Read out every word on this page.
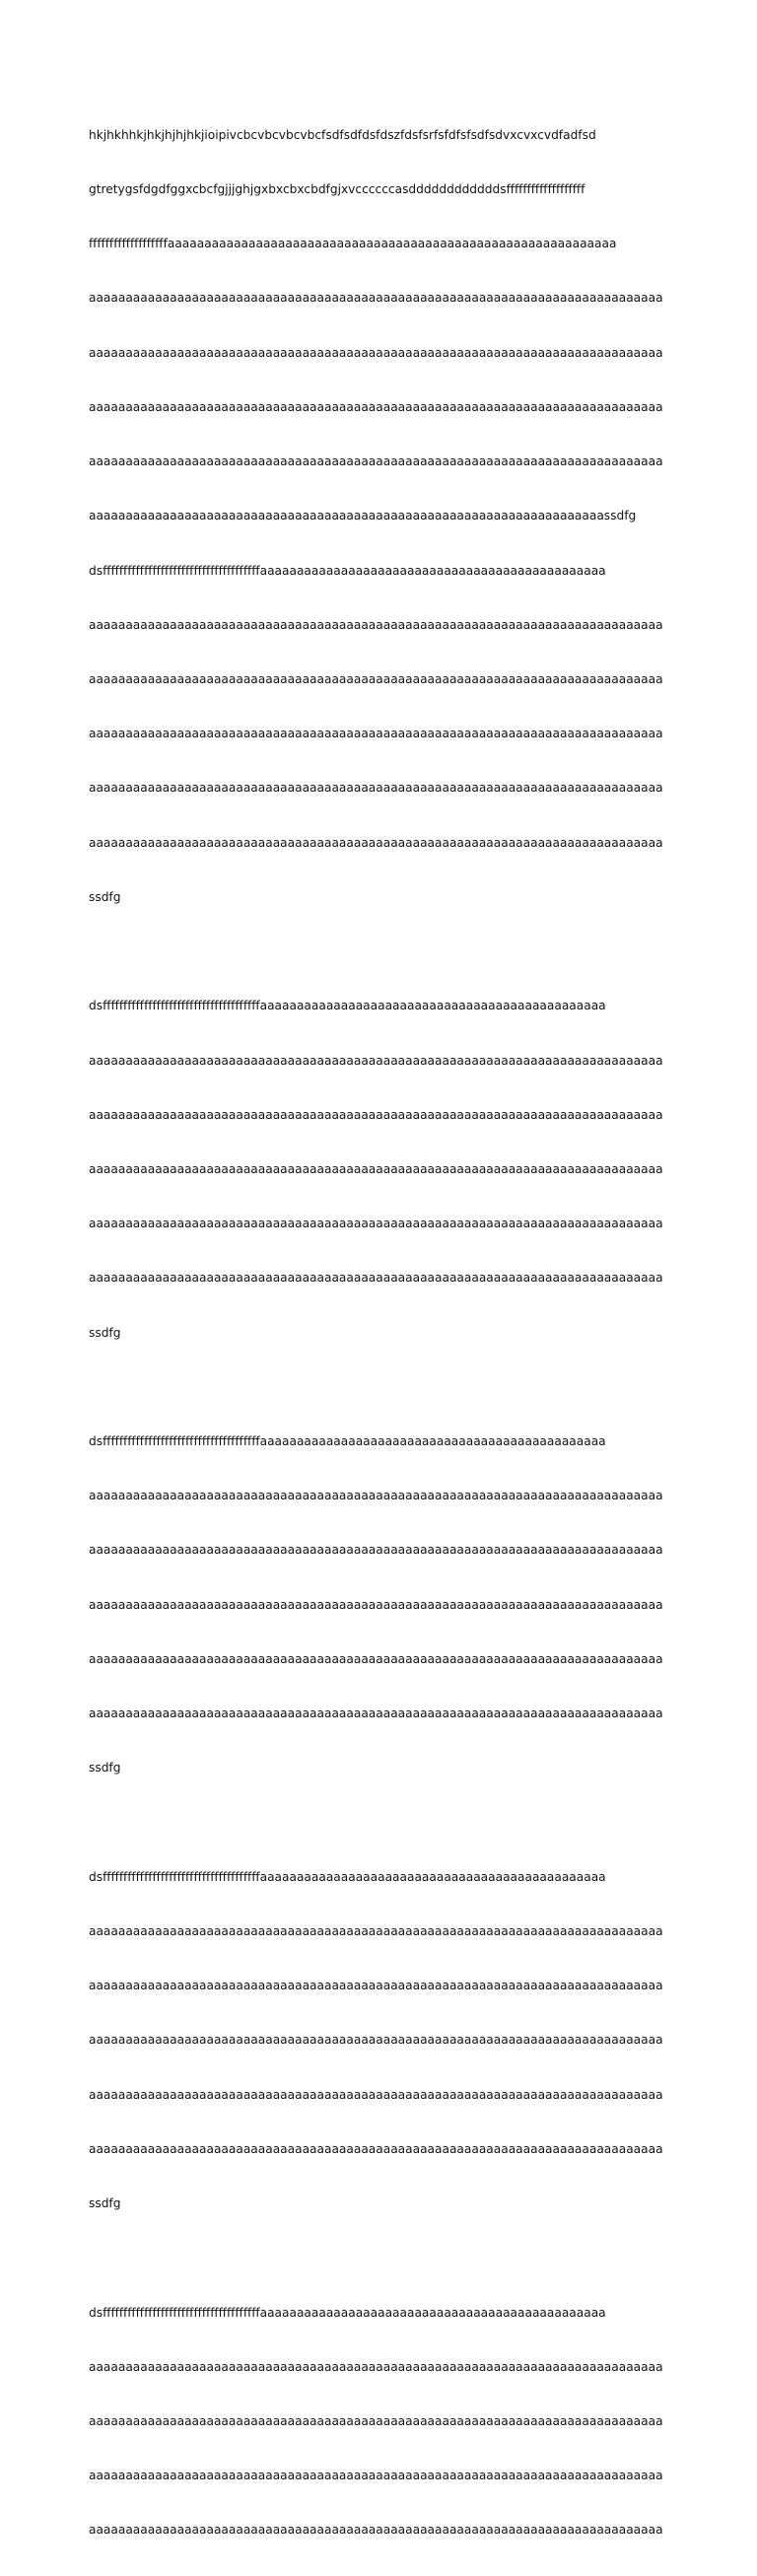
hkjhkhhkjhkjhjhjhkjioipivcbcvbcvbcvbcfsdfsdfdsfdszfdsfsrfsfdfsfsdfsdvxcvxcvdfadfsd

gtretygsfdgdfggxcbcfgjjjghjgxbxcbxcbdfgjxvccccccasddddddddddddsfffffffffffffffffff

fffffffffffffffffffaaaaaaaaaaaaaaaaaaaaaaaaaaaaaaaaaaaaaaaaaaaaaaaaaaaaaaaaaaaaa

aaaaaaaaaaaaaaaaaaaaaaaaaaaaaaaaaaaaaaaaaaaaaaaaaaaaaaaaaaaaaaaaaaaaaaaaaaaaaa

aaaaaaaaaaaaaaaaaaaaaaaaaaaaaaaaaaaaaaaaaaaaaaaaaaaaaaaaaaaaaaaaaaaaaaaaaaaaaa

aaaaaaaaaaaaaaaaaaaaaaaaaaaaaaaaaaaaaaaaaaaaaaaaaaaaaaaaaaaaaaaaaaaaaaaaaaaaaa

aaaaaaaaaaaaaaaaaaaaaaaaaaaaaaaaaaaaaaaaaaaaaaaaaaaaaaaaaaaaaaaaaaaaaaaaaaaaaa

aaaaaaaaaaaaaaaaaaaaaaaaaaaaaaaaaaaaaaaaaaaaaaaaaaaaaaaaaaaaaaaaaaaaaassdfg

dsffffffffffffffffffffffffffffffffffffffaaaaaaaaaaaaaaaaaaaaaaaaaaaaaaaaaaaaaaaaaaaaaaa

aaaaaaaaaaaaaaaaaaaaaaaaaaaaaaaaaaaaaaaaaaaaaaaaaaaaaaaaaaaaaaaaaaaaaaaaaaaaaa

aaaaaaaaaaaaaaaaaaaaaaaaaaaaaaaaaaaaaaaaaaaaaaaaaaaaaaaaaaaaaaaaaaaaaaaaaaaaaa

aaaaaaaaaaaaaaaaaaaaaaaaaaaaaaaaaaaaaaaaaaaaaaaaaaaaaaaaaaaaaaaaaaaaaaaaaaaaaa

aaaaaaaaaaaaaaaaaaaaaaaaaaaaaaaaaaaaaaaaaaaaaaaaaaaaaaaaaaaaaaaaaaaaaaaaaaaaaa

aaaaaaaaaaaaaaaaaaaaaaaaaaaaaaaaaaaaaaaaaaaaaaaaaaaaaaaaaaaaaaaaaaaaaaaaaaaaaa

ssdfg

dsffffffffffffffffffffffffffffffffffffffaaaaaaaaaaaaaaaaaaaaaaaaaaaaaaaaaaaaaaaaaaaaaaa

aaaaaaaaaaaaaaaaaaaaaaaaaaaaaaaaaaaaaaaaaaaaaaaaaaaaaaaaaaaaaaaaaaaaaaaaaaaaaa

aaaaaaaaaaaaaaaaaaaaaaaaaaaaaaaaaaaaaaaaaaaaaaaaaaaaaaaaaaaaaaaaaaaaaaaaaaaaaa

aaaaaaaaaaaaaaaaaaaaaaaaaaaaaaaaaaaaaaaaaaaaaaaaaaaaaaaaaaaaaaaaaaaaaaaaaaaaaa

aaaaaaaaaaaaaaaaaaaaaaaaaaaaaaaaaaaaaaaaaaaaaaaaaaaaaaaaaaaaaaaaaaaaaaaaaaaaaa

aaaaaaaaaaaaaaaaaaaaaaaaaaaaaaaaaaaaaaaaaaaaaaaaaaaaaaaaaaaaaaaaaaaaaaaaaaaaaa

ssdfg

dsffffffffffffffffffffffffffffffffffffffaaaaaaaaaaaaaaaaaaaaaaaaaaaaaaaaaaaaaaaaaaaaaaa

aaaaaaaaaaaaaaaaaaaaaaaaaaaaaaaaaaaaaaaaaaaaaaaaaaaaaaaaaaaaaaaaaaaaaaaaaaaaaa

aaaaaaaaaaaaaaaaaaaaaaaaaaaaaaaaaaaaaaaaaaaaaaaaaaaaaaaaaaaaaaaaaaaaaaaaaaaaaa

aaaaaaaaaaaaaaaaaaaaaaaaaaaaaaaaaaaaaaaaaaaaaaaaaaaaaaaaaaaaaaaaaaaaaaaaaaaaaa

aaaaaaaaaaaaaaaaaaaaaaaaaaaaaaaaaaaaaaaaaaaaaaaaaaaaaaaaaaaaaaaaaaaaaaaaaaaaaa

aaaaaaaaaaaaaaaaaaaaaaaaaaaaaaaaaaaaaaaaaaaaaaaaaaaaaaaaaaaaaaaaaaaaaaaaaaaaaa

ssdfg

dsffffffffffffffffffffffffffffffffffffffaaaaaaaaaaaaaaaaaaaaaaaaaaaaaaaaaaaaaaaaaaaaaaa

aaaaaaaaaaaaaaaaaaaaaaaaaaaaaaaaaaaaaaaaaaaaaaaaaaaaaaaaaaaaaaaaaaaaaaaaaaaaaa

aaaaaaaaaaaaaaaaaaaaaaaaaaaaaaaaaaaaaaaaaaaaaaaaaaaaaaaaaaaaaaaaaaaaaaaaaaaaaa

aaaaaaaaaaaaaaaaaaaaaaaaaaaaaaaaaaaaaaaaaaaaaaaaaaaaaaaaaaaaaaaaaaaaaaaaaaaaaa

aaaaaaaaaaaaaaaaaaaaaaaaaaaaaaaaaaaaaaaaaaaaaaaaaaaaaaaaaaaaaaaaaaaaaaaaaaaaaa

aaaaaaaaaaaaaaaaaaaaaaaaaaaaaaaaaaaaaaaaaaaaaaaaaaaaaaaaaaaaaaaaaaaaaaaaaaaaaa

ssdfg

dsffffffffffffffffffffffffffffffffffffffaaaaaaaaaaaaaaaaaaaaaaaaaaaaaaaaaaaaaaaaaaaaaaa

aaaaaaaaaaaaaaaaaaaaaaaaaaaaaaaaaaaaaaaaaaaaaaaaaaaaaaaaaaaaaaaaaaaaaaaaaaaaaa

aaaaaaaaaaaaaaaaaaaaaaaaaaaaaaaaaaaaaaaaaaaaaaaaaaaaaaaaaaaaaaaaaaaaaaaaaaaaaa

aaaaaaaaaaaaaaaaaaaaaaaaaaaaaaaaaaaaaaaaaaaaaaaaaaaaaaaaaaaaaaaaaaaaaaaaaaaaaa

aaaaaaaaaaaaaaaaaaaaaaaaaaaaaaaaaaaaaaaaaaaaaaaaaaaaaaaaaaaaaaaaaaaaaaaaaaaaaa
